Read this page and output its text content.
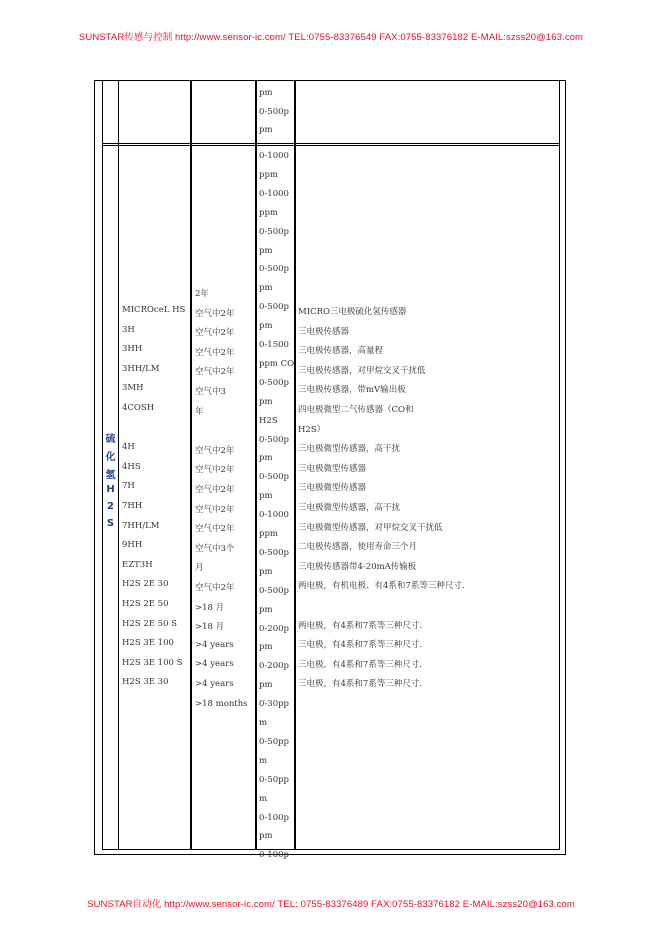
SUNSTAR传感与控制 http://www.sensor-ic.com/ TEL:0755-83376549 FAX:0755-83376182 E-MAIL:szss20@163.com
pm
0-500p
pm
硫
化
氢
H
2
S
MICROceL HS
3H
3HH
3HH/LM
3MH
4COSH
4H
4HS
7H
7HH
7HH/LM
9HH
EZT3H
H2S 2E 30
H2S 2E 50
H2S 2E 50 S
H2S 3E 100
H2S 3E 100 S
H2S 3E 30
2年
空气中2年
空气中2年
空气中2年
空气中2年
空气中3
年
空气中2年
空气中2年
空气中2年
空气中2年
空气中2年
空气中3个
月
空气中2年
>18 月
>18 月
>4 years
>4 years
>4 years
>18 months
0-1000
ppm
0-1000
ppm
0-500p
pm
0-500p
pm
0-500p
pm
0-1500
ppm CO
0-500p
pm
H2S
0-500p
pm
0-500p
pm
0-1000
ppm
0-500p
pm
0-500p
pm
0-200p
pm
0-200p
pm
0-30pp
m
0-50pp
m
0-50pp
m
0-100p
pm
0-100p
MICRO三电极硫化氢传感器
三电极传感器
三电极传感器，高量程
三电极传感器，对甲烷交叉干扰低
三电极传感器，带mV输出板
四电极微型二气传感器（CO和
H2S）
三电极微型传感器，高干扰
三电极微型传感器
三电极微型传感器
三电极微型传感器，高干扰
三电极微型传感器，对甲烷交叉干扰低
二电极传感器，使用寿命三个月
三电极传感器带4-20mA传输板
两电极，有机电极、有4系和7系等三种尺寸.
两电极，有4系和7系等三种尺寸.
三电极，有4系和7系等三种尺寸.
三电极，有4系和7系等三种尺寸.
三电极，有4系和7系等三种尺寸.
SUNSTAR自动化 http://www.sensor-ic.com/ TEL: 0755-83376489 FAX:0755-83376182 E-MAIL:szss20@163.com
